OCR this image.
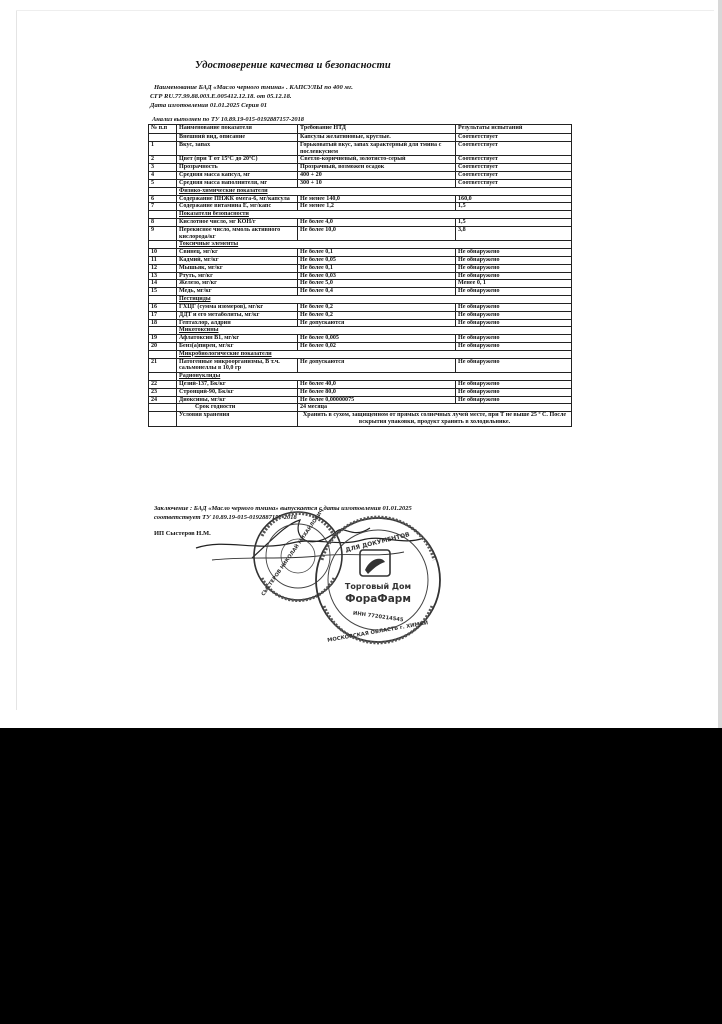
Удостоверение качества и безопасности
Наименование БАД «Масло черного тмина» . КАПСУЛЫ по 400 мг.
СГР RU.77.99.88.003.Е.005412.12.18. от 05.12.18.
Дата изготовления 01.01.2025 Серия 01
Анализ выполнен по ТУ 10.89.19-015-0192887157-2018
№ п.п	Наименование показателя	Требование НТД	Результаты испытаний
	Внешний вид, описание	Капсулы желатиновые, круглые.	Соответствует
1	Вкус, запах	Горьковатый вкус, запах характерный для тмина с послевкусием	Соответствует
2	Цвет (при Т от 15ºС до 20ºС)	Светло-коричневый, золотисто-серый	Соответствует
3	Прозрачность	Прозрачный, возможен осадок	Соответствует
4	Средняя масса капсул, мг	400 + 20	Соответствует
5	Средняя масса наполнителя, мг	300 + 10	Соответствует
	Физико-химические показатели		
6	Содержание ПНЖК омега-6, мг/капсула	Не менее 140,0	160,0
7	Содержание витамина Е, мг/капс	Не менее 1,2	1,5
	Показатели безопасности		
8	Кислотное число, мг КОН/г	Не более 4,0	1,5
9	Перекисное число, ммоль активного кислорода/кг	Не более 10,0	3,8
	Токсичные элементы		
10	Свинец, мг/кг	Не более 0,1	Не обнаружено
11	Кадмий, мг/кг	Не более 0,05	Не обнаружено
12	Мышьяк, мг/кг	Не более 0,1	Не обнаружено
13	Ртуть, мг/кг	Не более 0,03	Не обнаружено
14	Железо, мг/кг	Не более 5,0	Менее 0, 1
15	Медь, мг/кг	Не более 0,4	Не обнаружено
	Пестициды		
16	ГХЦГ (сумма изомеров), мг/кг	Не более 0,2	Не обнаружено
17	ДДТ и его метаболиты, мг/кг	Не более 0,2	Не обнаружено
18	Гептахлор, алдрин	Не допускаются	Не обнаружено
	Микотоксины		
19	Афлатоксин В1, мг/кг	Не более 0,005	Не обнаружено
20	Бенз(а)пирен, мг/кг	Не более 0,02	Не обнаружено
	Микробиологические показатели		
21	Патогенные микроорганизмы, В т.ч. сальмонеллы в 10,0 гр	Не допускаются	Не обнаружено
	Радионуклиды		
22	Цезий-137, Бк/кг	Не более 40,0	Не обнаружено
23	Стронций-90, Бк/кг	Не более 80,0	Не обнаружено
24	Диоксины, мг/кг	Не более 0,00000075	Не обнаружено
	Срок годности	24 месяца	
	Условия хранения	Хранить в сухом, защищенном от прямых солнечных лучей месте, при Т не выше 25 º С. После вскрытия упаковки, продукт хранить в холодильнике.	
Заключение : БАД «Масло черного тмина» выпускается с даты изготовления 01.01.2025
соответствует ТУ 10.89.19-015-0192887157-2018
ИП Сыстеров Н.М.	СЫСТЕРОВ НИКОЛАЙ МИХАЙЛОВИЧ	ДЛЯ ДОКУМЕНТОВ
Торговый Дом
ФораФарм
ИНН 7720214545
МОСКОВСКАЯ ОБЛАСТЬ г. ХИМКИ
